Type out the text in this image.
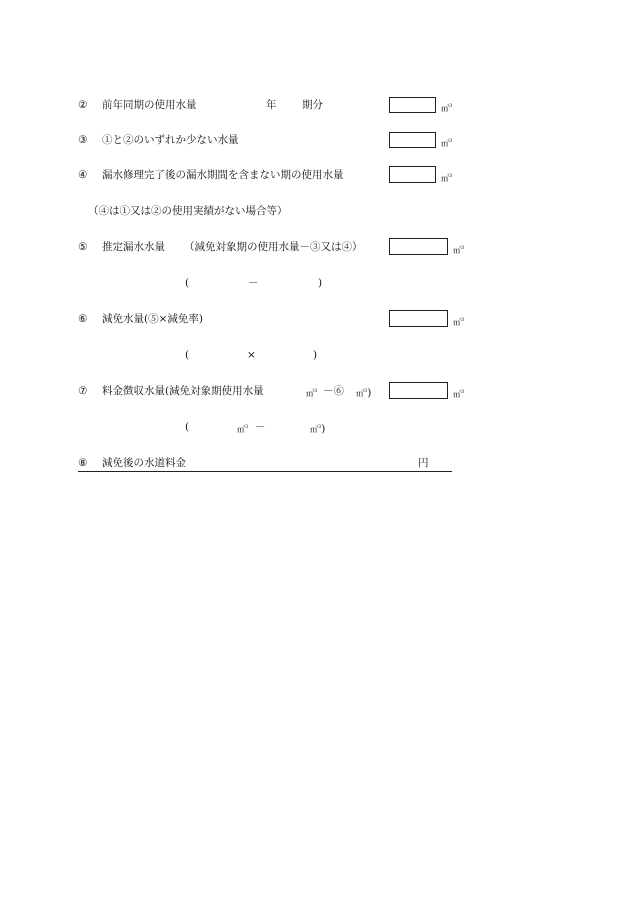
② 前年同期の使用水量	年 期分	㎥$^3$
③ ①と②のいずれか少ない水量	㎥$^3$
④ 漏水修理完了後の漏水期間を含まない期の使用水量	㎥$^3$
（④は①又は②の使用実績がない場合等）
⑤ 推定漏水水量 （減免対象期の使用水量－③又は④）	㎥$^3$
(	－	)
⑥ 減免水量(⑤×減免率)	㎥$^3$
(	×	)
⑦ 料金徴収水量(減免対象期使用水量	㎥$^3$ －⑥ ㎥$^3$)	㎥$^3$
(	㎥$^3$ －	㎥$^3$)
⑧ 減免後の水道料金	円
